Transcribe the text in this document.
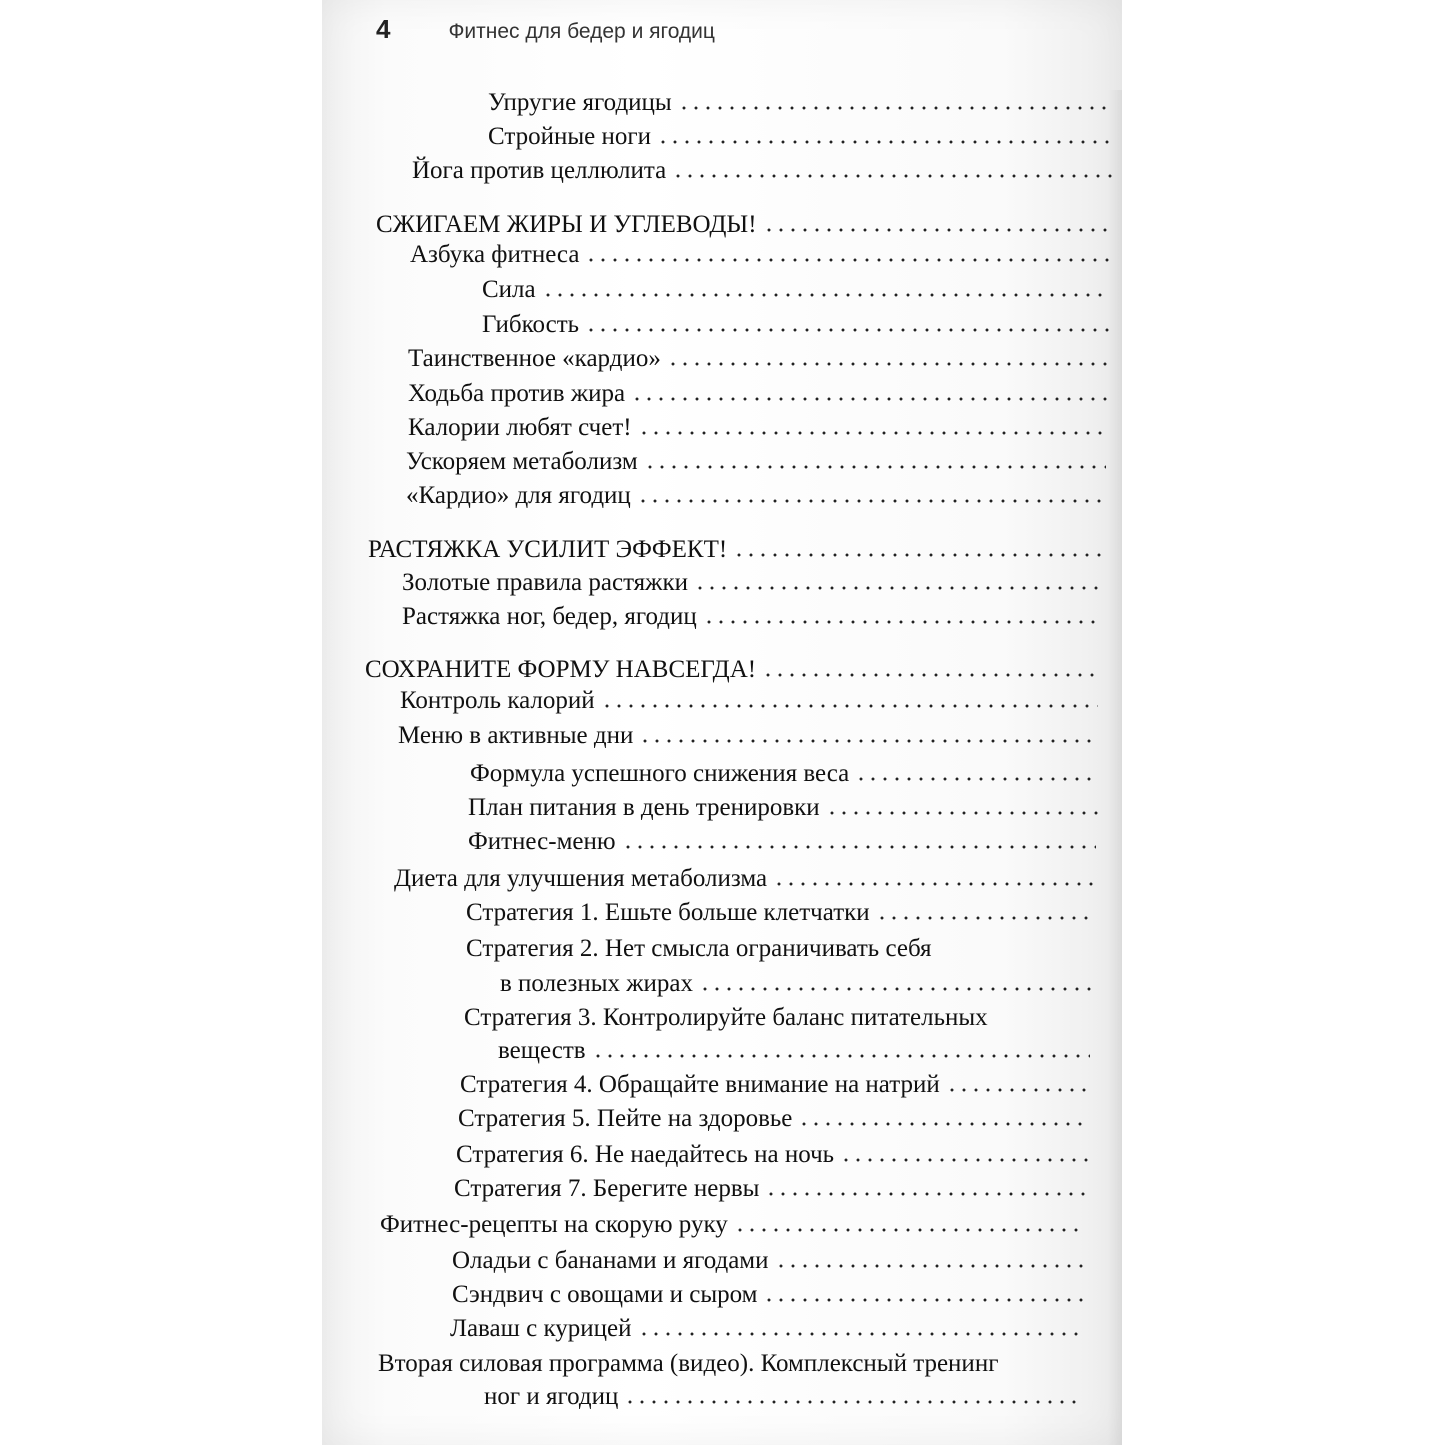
4	Фитнес для бедер и ягодиц
Упругие ягодицы
Стройные ноги
Йога против целлюлита
СЖИГАЕМ ЖИРЫ И УГЛЕВОДЫ!
Азбука фитнеса
Сила
Гибкость
Таинственное «кардио»
Ходьба против жира
Калории любят счет!
Ускоряем метаболизм
«Кардио» для ягодиц
РАСТЯЖКА УСИЛИТ ЭФФЕКТ!
Золотые правила растяжки
Растяжка ног, бедер, ягодиц
СОХРАНИТЕ ФОРМУ НАВСЕГДА!
Контроль калорий
Меню в активные дни
Формула успешного снижения веса
План питания в день тренировки
Фитнес-меню
Диета для улучшения метаболизма
Стратегия 1. Ешьте больше клетчатки
Стратегия 2. Нет смысла ограничивать себя
в полезных жирах
Стратегия 3. Контролируйте баланс питательных
веществ
Стратегия 4. Обращайте внимание на натрий
Стратегия 5. Пейте на здоровье
Стратегия 6. Не наедайтесь на ночь
Стратегия 7. Берегите нервы
Фитнес-рецепты на скорую руку
Оладьи с бананами и ягодами
Сэндвич с овощами и сыром
Лаваш с курицей
Вторая силовая программа (видео). Комплексный тренинг
ног и ягодиц
